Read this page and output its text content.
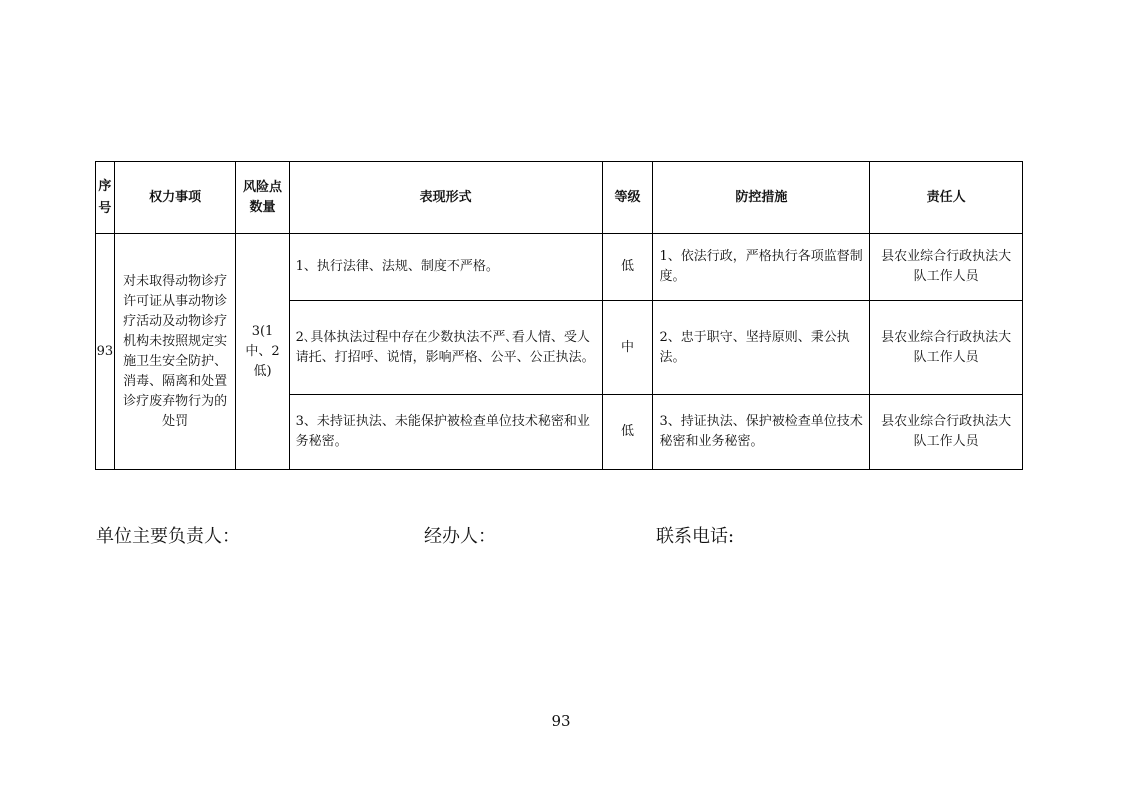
序号	权力事项	风险点数量	表现形式	等级	防控措施	责任人
93	对未取得动物诊疗许可证从事动物诊疗活动及动物诊疗机构未按照规定实施卫生安全防护、消毒、隔离和处置诊疗废弃物行为的处罚	3(1中、2低)	1、执行法律、法规、制度不严格。	低	1、依法行政，严格执行各项监督制度。	县农业综合行政执法大队工作人员
			2､具体执法过程中存在少数执法不严､看人情、受人请托、打招呼、说情，影响严格、公平、公正执法。	中	2、忠于职守、坚持原则、秉公执法。	县农业综合行政执法大队工作人员
			3、未持证执法、未能保护被检查单位技术秘密和业务秘密。	低	3、持证执法、保护被检查单位技术秘密和业务秘密。	县农业综合行政执法大队工作人员
单位主要负责人：	经办人：	联系电话:
93
